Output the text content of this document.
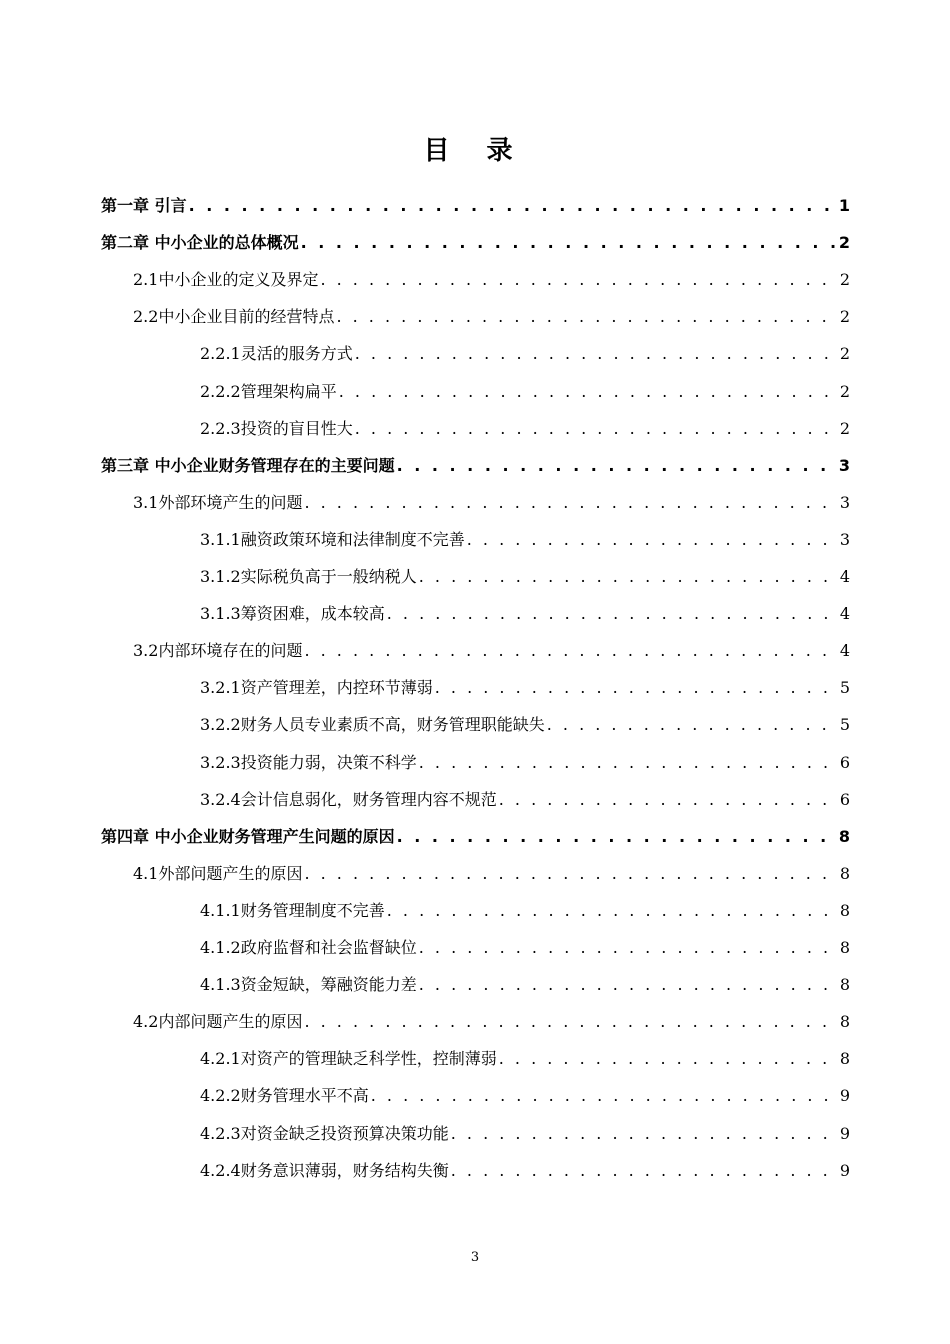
目 录
第一章 引言 . . .	1
第二章 中小企业的总体概况 . . .	2
2.1中小企业的定义及界定 . . .	2
2.2中小企业目前的经营特点 . . .	2
2.2.1灵活的服务方式 . . .	2
2.2.2管理架构扁平 . . .	2
2.2.3投资的盲目性大 . . .	2
第三章 中小企业财务管理存在的主要问题 . . .	3
3.1外部环境产生的问题 . . .	3
3.1.1融资政策环境和法律制度不完善 . . .	3
3.1.2实际税负高于一般纳税人 . . .	4
3.1.3筹资困难，成本较高 . . .	4
3.2内部环境存在的问题 . . .	4
3.2.1资产管理差，内控环节薄弱 . . .	5
3.2.2财务人员专业素质不高，财务管理职能缺失 . . .	5
3.2.3投资能力弱，决策不科学 . . .	6
3.2.4会计信息弱化，财务管理内容不规范 . . .	6
第四章 中小企业财务管理产生问题的原因 . . .	8
4.1外部问题产生的原因 . . .	8
4.1.1财务管理制度不完善 . . .	8
4.1.2政府监督和社会监督缺位 . . .	8
4.1.3资金短缺，筹融资能力差 . . .	8
4.2内部问题产生的原因 . . .	8
4.2.1对资产的管理缺乏科学性，控制薄弱 . . .	8
4.2.2财务管理水平不高 . . .	9
4.2.3对资金缺乏投资预算决策功能 . . .	9
4.2.4财务意识薄弱，财务结构失衡 . . .	9
3
